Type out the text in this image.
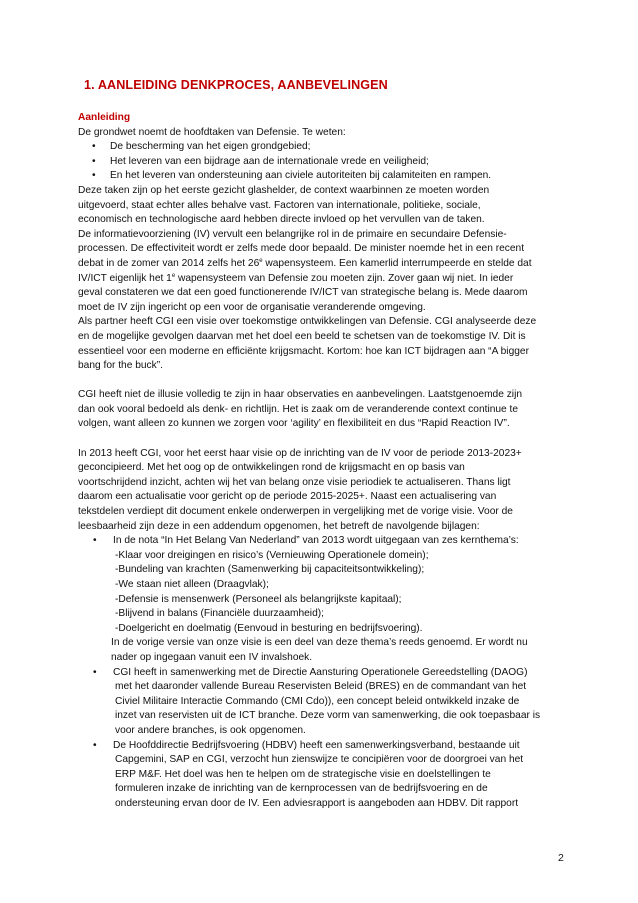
1. AANLEIDING DENKPROCES, AANBEVELINGEN
Aanleiding
De grondwet noemt de hoofdtaken van Defensie. Te weten:
• De bescherming van het eigen grondgebied;
• Het leveren van een bijdrage aan de internationale vrede en veiligheid;
• En het leveren van ondersteuning aan civiele autoriteiten bij calamiteiten en rampen.
Deze taken zijn op het eerste gezicht glashelder, de context waarbinnen ze moeten worden
uitgevoerd, staat echter alles behalve vast. Factoren van internationale, politieke, sociale,
economisch en technologische aard hebben directe invloed op het vervullen van de taken.
De informatievoorziening (IV) vervult een belangrijke rol in de primaire en secundaire Defensie-
processen. De effectiviteit wordt er zelfs mede door bepaald. De minister noemde het in een recent
debat in de zomer van 2014 zelfs het 26e wapensysteem. Een kamerlid interrumpeerde en stelde dat
IV/ICT eigenlijk het 1e wapensysteem van Defensie zou moeten zijn. Zover gaan wij niet. In ieder
geval constateren we dat een goed functionerende IV/ICT van strategische belang is. Mede daarom
moet de IV zijn ingericht op een voor de organisatie veranderende omgeving.
Als partner heeft CGI een visie over toekomstige ontwikkelingen van Defensie. CGI analyseerde deze
en de mogelijke gevolgen daarvan met het doel een beeld te schetsen van de toekomstige IV. Dit is
essentieel voor een moderne en efficiënte krijgsmacht. Kortom: hoe kan ICT bijdragen aan “A bigger
bang for the buck”.
CGI heeft niet de illusie volledig te zijn in haar observaties en aanbevelingen. Laatstgenoemde zijn
dan ook vooral bedoeld als denk- en richtlijn. Het is zaak om de veranderende context continue te
volgen, want alleen zo kunnen we zorgen voor ‘agility’ en flexibiliteit en dus “Rapid Reaction IV”.
In 2013 heeft CGI, voor het eerst haar visie op de inrichting van de IV voor de periode 2013-2023+
geconcipieerd. Met het oog op de ontwikkelingen rond de krijgsmacht en op basis van
voortschrijdend inzicht, achten wij het van belang onze visie periodiek te actualiseren. Thans ligt
daarom een actualisatie voor gericht op de periode 2015-2025+. Naast een actualisering van
tekstdelen verdiept dit document enkele onderwerpen in vergelijking met de vorige visie. Voor de
leesbaarheid zijn deze in een addendum opgenomen, het betreft de navolgende bijlagen:
• In de nota “In Het Belang Van Nederland” van 2013 wordt uitgegaan van zes kernthema’s:
-Klaar voor dreigingen en risico’s (Vernieuwing Operationele domein);
-Bundeling van krachten (Samenwerking bij capaciteitsontwikkeling);
-We staan niet alleen (Draagvlak);
-Defensie is mensenwerk (Personeel als belangrijkste kapitaal);
-Blijvend in balans (Financiële duurzaamheid);
-Doelgericht en doelmatig (Eenvoud in besturing en bedrijfsvoering).
In de vorige versie van onze visie is een deel van deze thema’s reeds genoemd. Er wordt nu
nader op ingegaan vanuit een IV invalshoek.
• CGI heeft in samenwerking met de Directie Aansturing Operationele Gereedstelling (DAOG)
met het daaronder vallende Bureau Reservisten Beleid (BRES) en de commandant van het
Civiel Militaire Interactie Commando (CMI Cdo)), een concept beleid ontwikkeld inzake de
inzet van reservisten uit de ICT branche. Deze vorm van samenwerking, die ook toepasbaar is
voor andere branches, is ook opgenomen.
• De Hoofddirectie Bedrijfsvoering (HDBV) heeft een samenwerkingsverband, bestaande uit
Capgemini, SAP en CGI, verzocht hun zienswijze te concipiëren voor de doorgroei van het
ERP M&F. Het doel was hen te helpen om de strategische visie en doelstellingen te
formuleren inzake de inrichting van de kernprocessen van de bedrijfsvoering en de
ondersteuning ervan door de IV. Een adviesrapport is aangeboden aan HDBV. Dit rapport
2
